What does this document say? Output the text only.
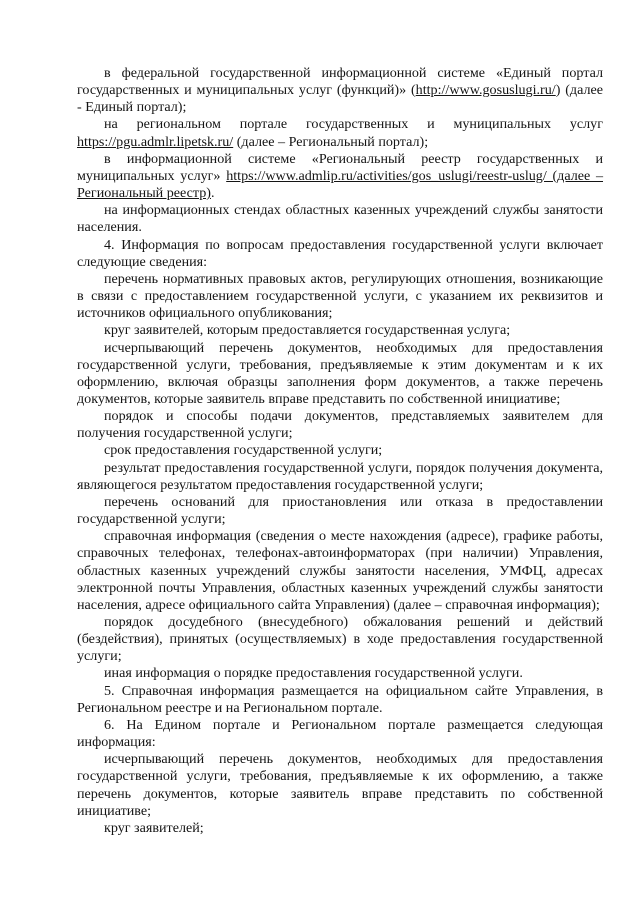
в федеральной государственной информационной системе «Единый портал государственных и муниципальных услуг (функций)» (http://www.gosuslugi.ru/) (далее - Единый портал);

на региональном портале государственных и муниципальных услуг https://pgu.admlr.lipetsk.ru/ (далее – Региональный портал);

в информационной системе «Региональный реестр государственных и муниципальных услуг» https://www.admlip.ru/activities/gos_uslugi/reestr-uslug/ (далее – Региональный реестр).

на информационных стендах областных казенных учреждений службы занятости населения.

4. Информация по вопросам предоставления государственной услуги включает следующие сведения:

перечень нормативных правовых актов, регулирующих отношения, возникающие в связи с предоставлением государственной услуги, с указанием их реквизитов и источников официального опубликования;

круг заявителей, которым предоставляется государственная услуга;

исчерпывающий перечень документов, необходимых для предоставления государственной услуги, требования, предъявляемые к этим документам и к их оформлению, включая образцы заполнения форм документов, а также перечень документов, которые заявитель вправе представить по собственной инициативе;

порядок и способы подачи документов, представляемых заявителем для получения государственной услуги;

срок предоставления государственной услуги;

результат предоставления государственной услуги, порядок получения документа, являющегося результатом предоставления государственной услуги;

перечень оснований для приостановления или отказа в предоставлении государственной услуги;

справочная информация (сведения о месте нахождения (адресе), графике работы, справочных телефонах, телефонах-автоинформаторах (при наличии) Управления, областных казенных учреждений службы занятости населения, УМФЦ, адресах электронной почты Управления, областных казенных учреждений службы занятости населения, адресе официального сайта Управления) (далее – справочная информация);

порядок досудебного (внесудебного) обжалования решений и действий (бездействия), принятых (осуществляемых) в ходе предоставления государственной услуги;

иная информация о порядке предоставления государственной услуги.

5. Справочная информация размещается на официальном сайте Управления, в Региональном реестре и на Региональном портале.

6. На Едином портале и Региональном портале размещается следующая информация:

исчерпывающий перечень документов, необходимых для предоставления государственной услуги, требования, предъявляемые к их оформлению, а также перечень документов, которые заявитель вправе представить по собственной инициативе;

круг заявителей;
